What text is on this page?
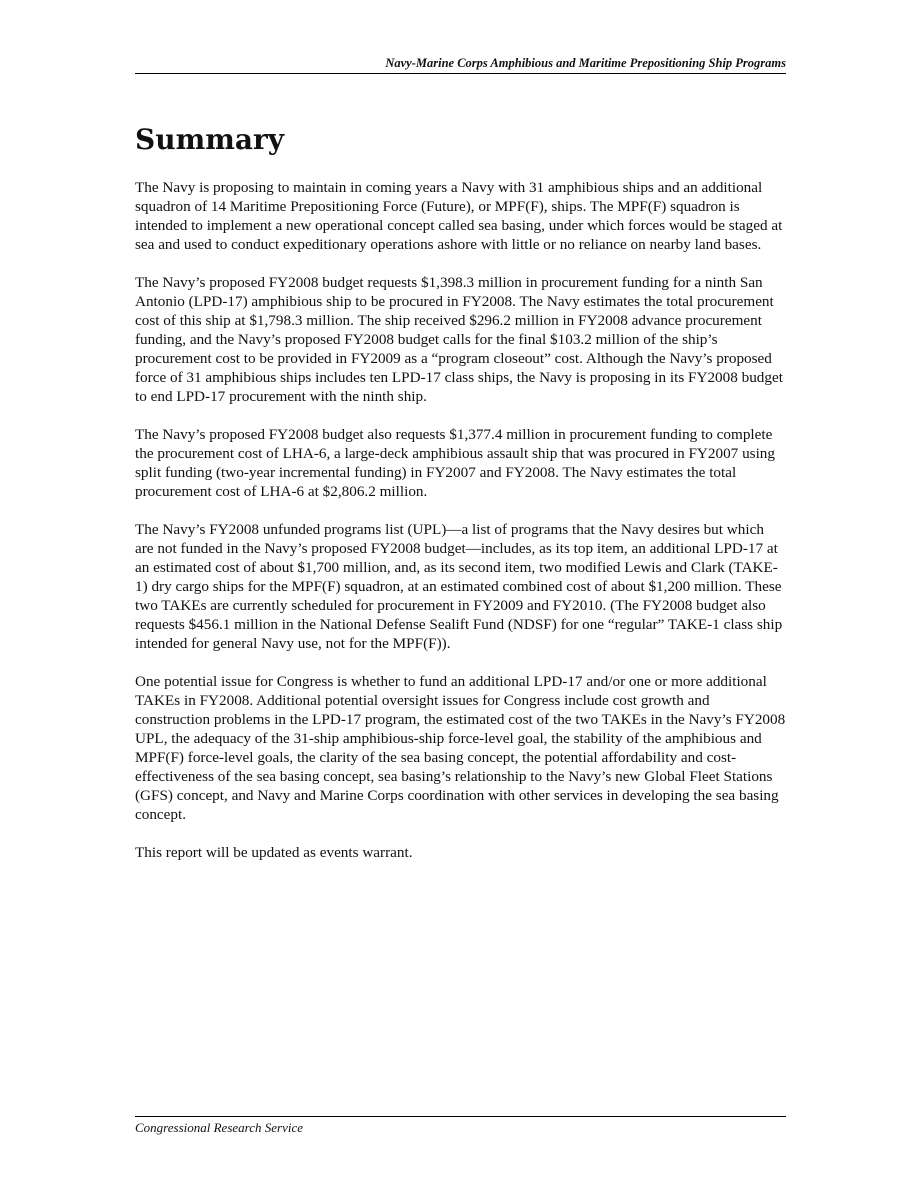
Navy-Marine Corps Amphibious and Maritime Prepositioning Ship Programs
Summary

The Navy is proposing to maintain in coming years a Navy with 31 amphibious ships and an additional squadron of 14 Maritime Prepositioning Force (Future), or MPF(F), ships. The MPF(F) squadron is intended to implement a new operational concept called sea basing, under which forces would be staged at sea and used to conduct expeditionary operations ashore with little or no reliance on nearby land bases.

The Navy’s proposed FY2008 budget requests $1,398.3 million in procurement funding for a ninth San Antonio (LPD-17) amphibious ship to be procured in FY2008. The Navy estimates the total procurement cost of this ship at $1,798.3 million. The ship received $296.2 million in FY2008 advance procurement funding, and the Navy’s proposed FY2008 budget calls for the final $103.2 million of the ship’s procurement cost to be provided in FY2009 as a “program closeout” cost. Although the Navy’s proposed force of 31 amphibious ships includes ten LPD-17 class ships, the Navy is proposing in its FY2008 budget to end LPD-17 procurement with the ninth ship.

The Navy’s proposed FY2008 budget also requests $1,377.4 million in procurement funding to complete the procurement cost of LHA-6, a large-deck amphibious assault ship that was procured in FY2007 using split funding (two-year incremental funding) in FY2007 and FY2008. The Navy estimates the total procurement cost of LHA-6 at $2,806.2 million.

The Navy’s FY2008 unfunded programs list (UPL)—a list of programs that the Navy desires but which are not funded in the Navy’s proposed FY2008 budget—includes, as its top item, an additional LPD-17 at an estimated cost of about $1,700 million, and, as its second item, two modified Lewis and Clark (TAKE-1) dry cargo ships for the MPF(F) squadron, at an estimated combined cost of about $1,200 million. These two TAKEs are currently scheduled for procurement in FY2009 and FY2010. (The FY2008 budget also requests $456.1 million in the National Defense Sealift Fund (NDSF) for one “regular” TAKE-1 class ship intended for general Navy use, not for the MPF(F)).

One potential issue for Congress is whether to fund an additional LPD-17 and/or one or more additional TAKEs in FY2008. Additional potential oversight issues for Congress include cost growth and construction problems in the LPD-17 program, the estimated cost of the two TAKEs in the Navy’s FY2008 UPL, the adequacy of the 31-ship amphibious-ship force-level goal, the stability of the amphibious and MPF(F) force-level goals, the clarity of the sea basing concept, the potential affordability and cost-effectiveness of the sea basing concept, sea basing’s relationship to the Navy’s new Global Fleet Stations (GFS) concept, and Navy and Marine Corps coordination with other services in developing the sea basing concept.

This report will be updated as events warrant.

Congressional Research Service
